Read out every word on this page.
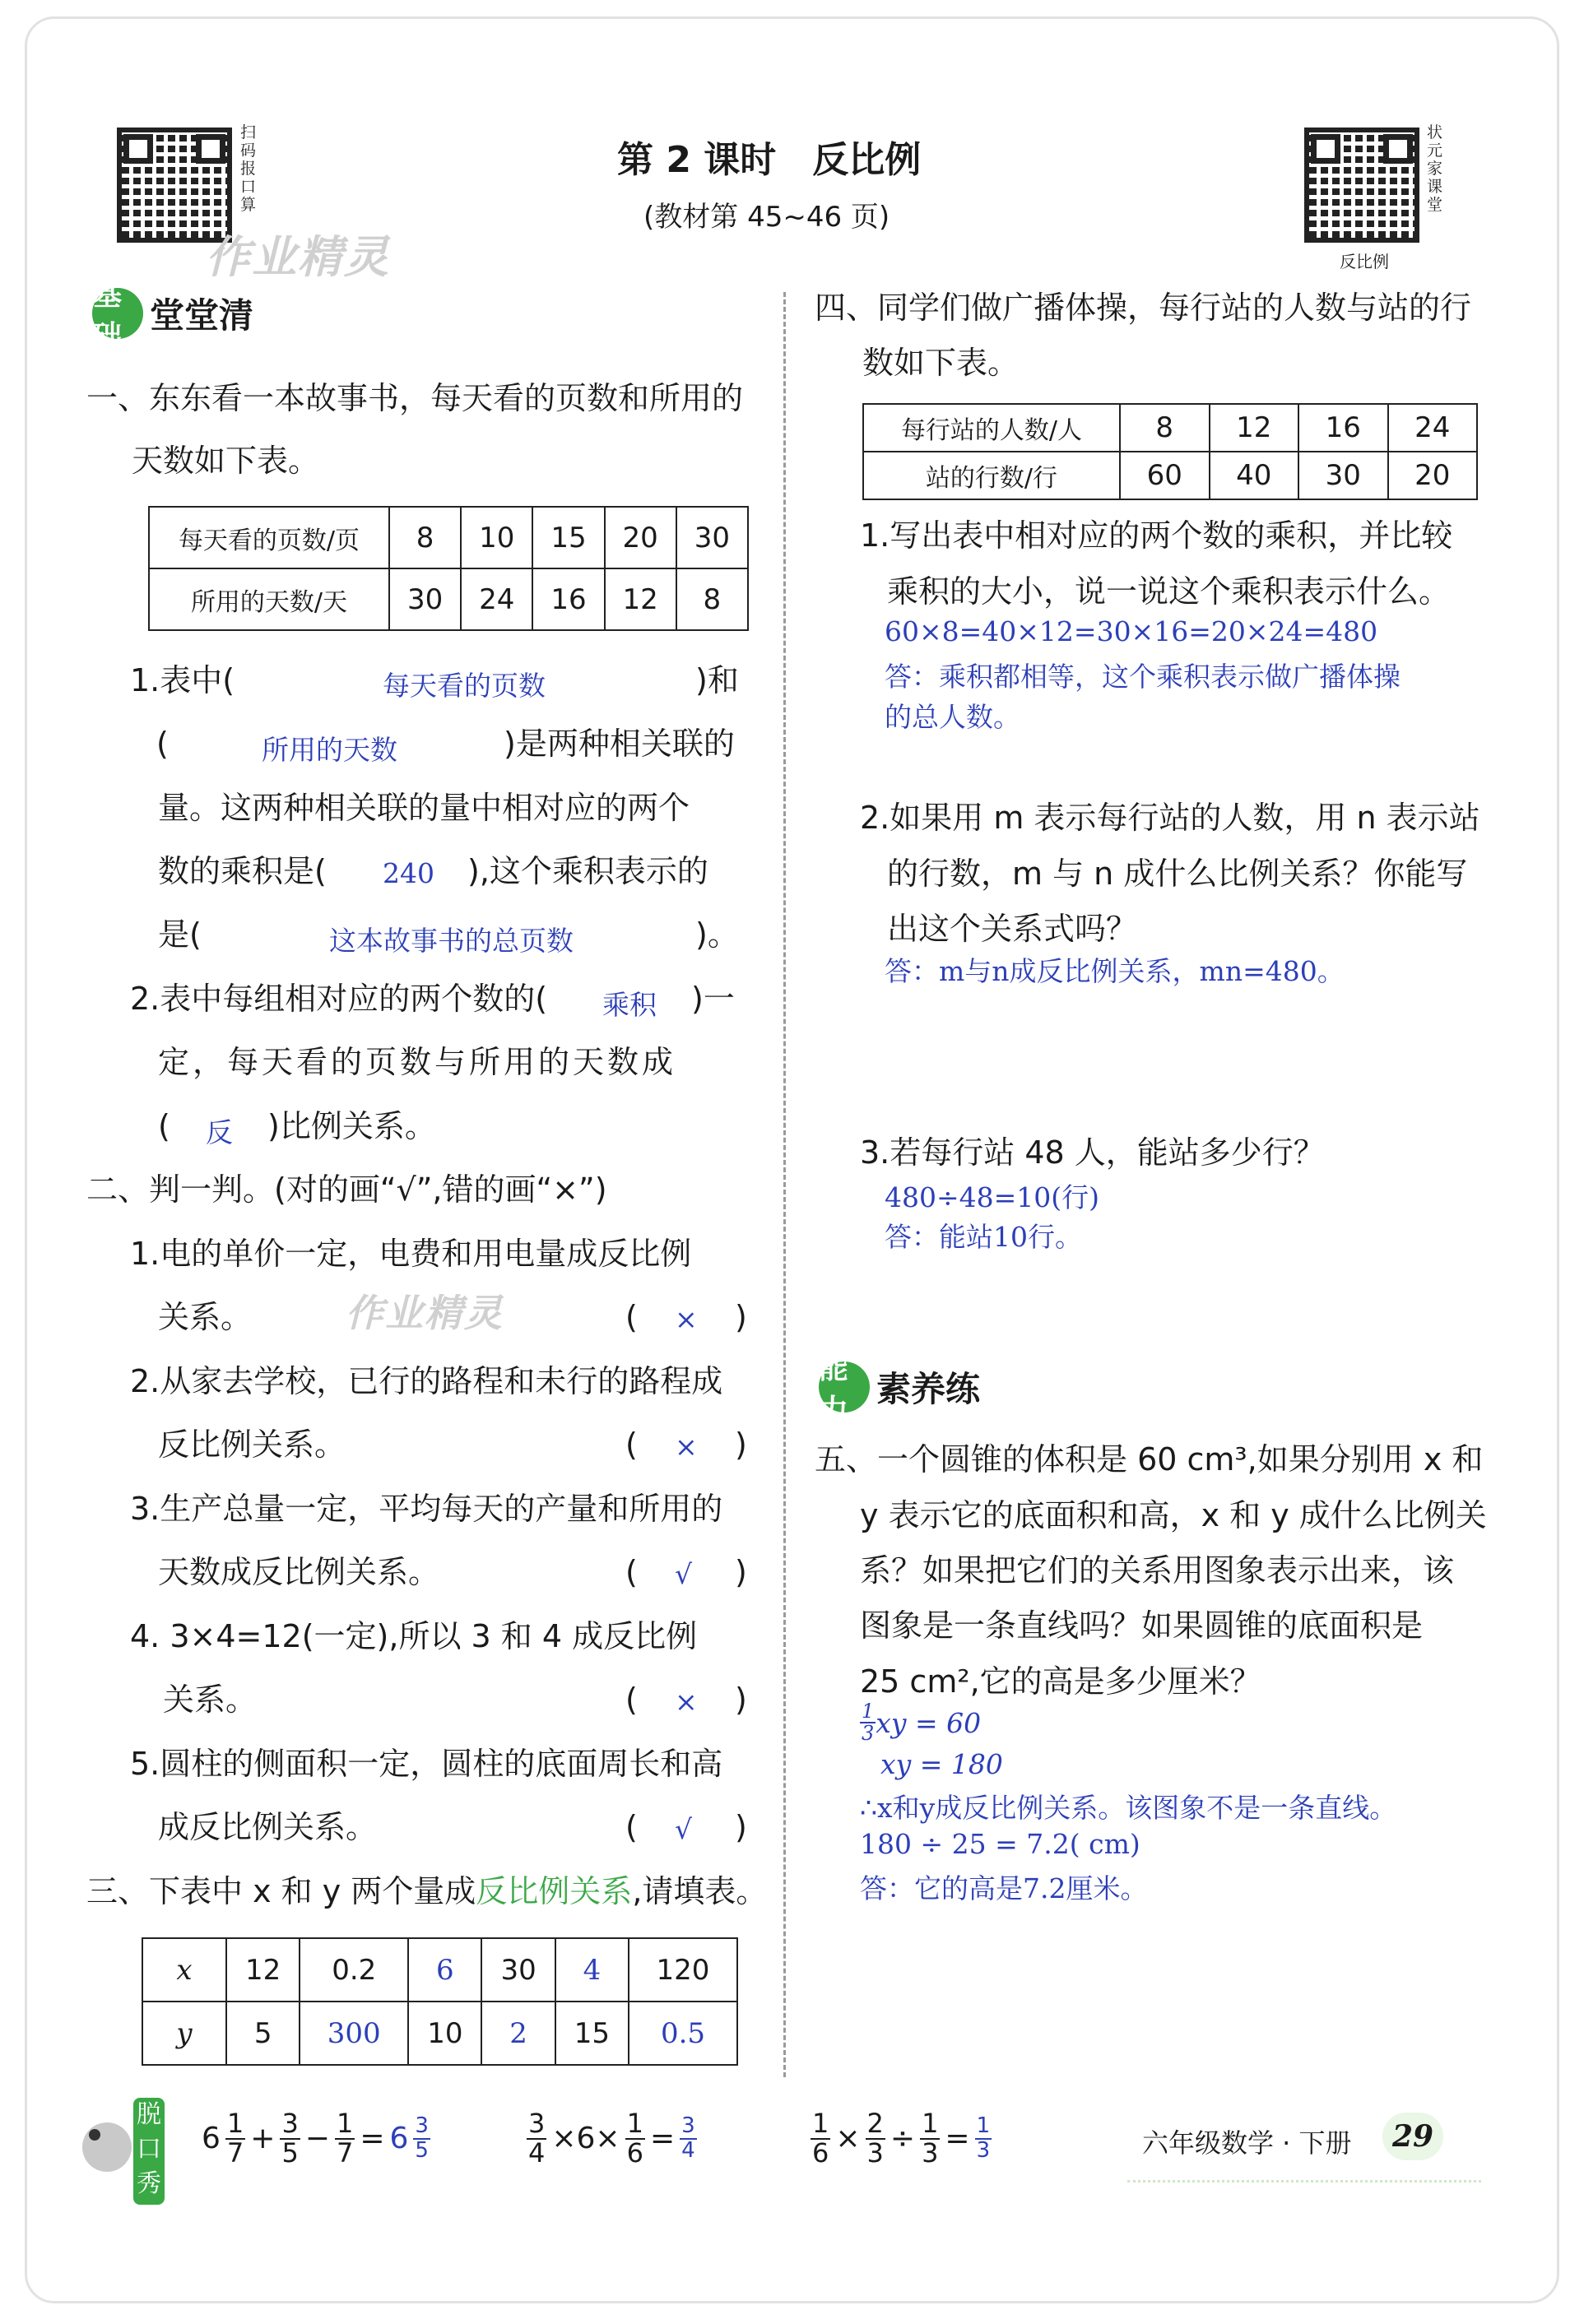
扫码报口算
作业精灵
第 2 课时　反比例
(教材第 45~46 页)
状元家课堂
反比例
基础
堂堂清
一、东东看一本故事书，每天看的页数和所用的
天数如下表。
每天看的页数/页	8	10	15	20	30
所用的天数/天	30	24	16	12	8
1.表中(	每天看的页数	)和
(	所用的天数	)是两种相关联的
量。这两种相关联的量中相对应的两个
数的乘积是( 240 ),这个乘积表示的
是(	这本故事书的总页数	)。
2.表中每组相对应的两个数的( 乘积 )一
定，每天看的页数与所用的天数成
( 反 )比例关系。
二、判一判。(对的画“√”,错的画“×”)
1.电的单价一定，电费和用电量成反比例
关系。 作业精灵	( × )
2.从家去学校，已行的路程和未行的路程成
反比例关系。	( × )
3.生产总量一定，平均每天的产量和所用的
天数成反比例关系。	( √ )
4. 3×4=12(一定),所以 3 和 4 成反比例
关系。	( × )
5.圆柱的侧面积一定，圆柱的底面周长和高
成反比例关系。	( √ )
三、下表中 x 和 y 两个量成反比例关系,请填表。
x	12	0.2	6	30	4	120
y	5	300	10	2	15	0.5
四、同学们做广播体操，每行站的人数与站的行
数如下表。
每行站的人数/人	8	12	16	24
站的行数/行	60	40	30	20
1.写出表中相对应的两个数的乘积，并比较
乘积的大小，说一说这个乘积表示什么。
60×8=40×12=30×16=20×24=480
答：乘积都相等，这个乘积表示做广播体操
的总人数。
2.如果用 m 表示每行站的人数，用 n 表示站
的行数，m 与 n 成什么比例关系？你能写
出这个关系式吗？
答：m与n成反比例关系，mn=480。
3.若每行站 48 人，能站多少行？
480÷48=10(行)
答：能站10行。
能力
素养练
五、一个圆锥的体积是 60 cm³,如果分别用 x 和
y 表示它的底面积和高，x 和 y 成什么比例关
系？如果把它们的关系用图象表示出来，该
图象是一条直线吗？如果圆锥的底面积是
25 cm²,它的高是多少厘米？
$\frac{1}{3}$ xy = 60
xy = 180
∴x和y成反比例关系。该图象不是一条直线。
180 ÷ 25 = 7.2( cm)
答：它的高是7.2厘米。
脱口秀
$6 \frac{1}{7} + \frac{3}{5} - \frac{1}{7} = 6 \frac{3}{5}$	$\frac{3}{4} \times 6\times \frac{1}{6} = \frac{3}{4}$	$\frac{1}{6} \times \frac{2}{3} \div \frac{1}{3} = \frac{1}{3}$	六年级数学 · 下册	29
